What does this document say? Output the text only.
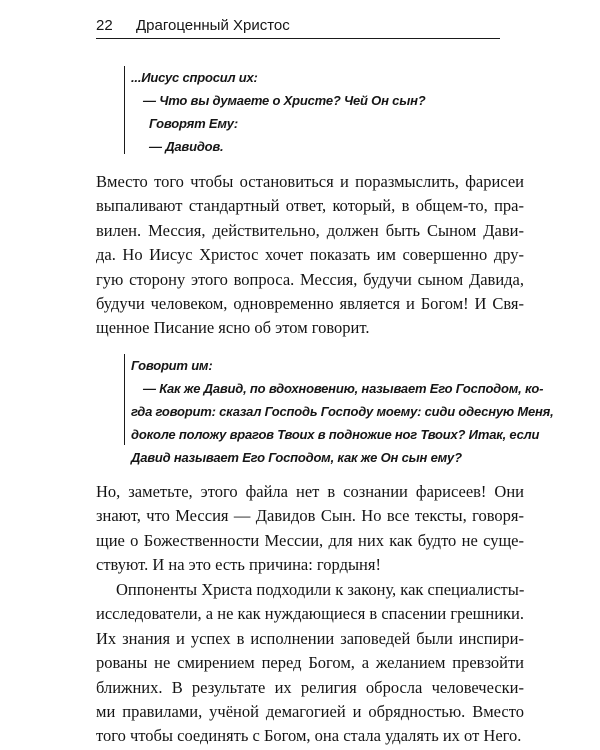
22 Драгоценный Христос
...Иисус спросил их:
— Что вы думаете о Христе? Чей Он сын?
Говорят Ему:
— Давидов.
Вместо того чтобы остановиться и поразмыслить, фарисеи
выпаливают стандартный ответ, который, в общем-то, пра-
вилен. Мессия, действительно, должен быть Сыном Дави-
да. Но Иисус Христос хочет показать им совершенно дру-
гую сторону этого вопроса. Мессия, будучи сыном Давида,
будучи человеком, одновременно является и Богом! И Свя-
щенное Писание ясно об этом говорит.
Говорит им:
— Как же Давид, по вдохновению, называет Его Господом, ко-
гда говорит: сказал Господь Господу моему: сиди одесную Меня,
доколе положу врагов Твоих в подножие ног Твоих? Итак, если
Давид называет Его Господом, как же Он сын ему?
Но, заметьте, этого файла нет в сознании фарисеев! Они
знают, что Мессия — Давидов Сын. Но все тексты, говоря-
щие о Божественности Мессии, для них как будто не суще-
ствуют. И на это есть причина: гордыня!
Оппоненты Христа подходили к закону, как специалисты-
исследователи, а не как нуждающиеся в спасении грешники.
Их знания и успех в исполнении заповедей были инспири-
рованы не смирением перед Богом, а желанием превзойти
ближних. В результате их религия обросла человечески-
ми правилами, учёной демагогией и обрядностью. Вместо
того чтобы соединять с Богом, она стала удалять их от Него.
